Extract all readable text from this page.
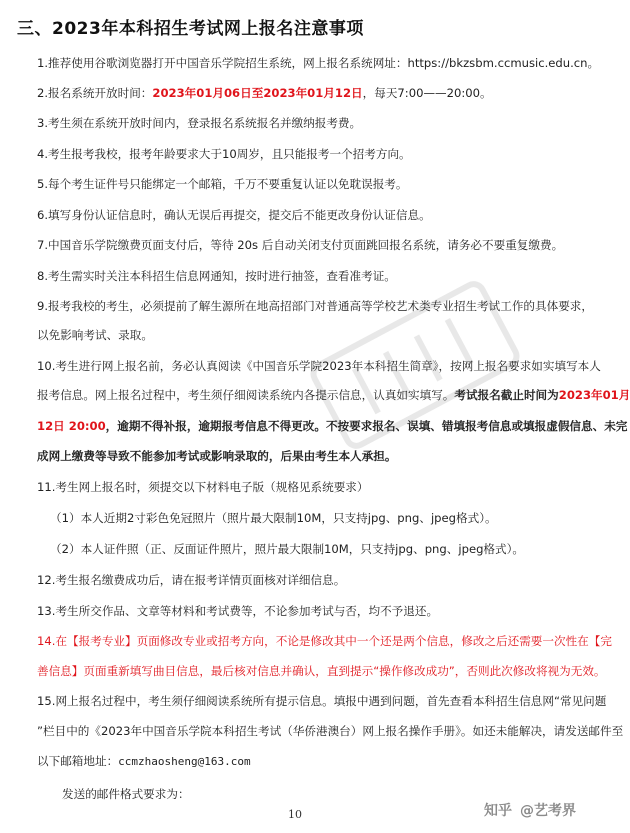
三、2023年本科招生考试网上报名注意事项
1.推荐使用谷歌浏览器打开中国音乐学院招生系统，网上报名系统网址：https://bkzsbm.ccmusic.edu.cn。
2.报名系统开放时间：2023年01月06日至2023年01月12日，每天7:00——20:00。
3.考生须在系统开放时间内，登录报名系统报名并缴纳报考费。
4.考生报考我校，报考年龄要求大于10周岁，且只能报考一个招考方向。
5.每个考生证件号只能绑定一个邮箱，千万不要重复认证以免耽误报考。
6.填写身份认证信息时，确认无误后再提交，提交后不能更改身份认证信息。
7.中国音乐学院缴费页面支付后，等待 20s 后自动关闭支付页面跳回报名系统，请务必不要重复缴费。
8.考生需实时关注本科招生信息网通知，按时进行抽签，查看准考证。
9.报考我校的考生，必须提前了解生源所在地高招部门对普通高等学校艺术类专业招生考试工作的具体要求，
以免影响考试、录取。
10.考生进行网上报名前，务必认真阅读《中国音乐学院2023年本科招生简章》，按网上报名要求如实填写本人
报考信息。网上报名过程中，考生须仔细阅读系统内各提示信息，认真如实填写。考试报名截止时间为2023年01月
12日 20:00，逾期不得补报，逾期报考信息不得更改。不按要求报名、误填、错填报考信息或填报虚假信息、未完
成网上缴费等导致不能参加考试或影响录取的，后果由考生本人承担。
11.考生网上报名时，须提交以下材料电子版（规格见系统要求）
（1）本人近期2寸彩色免冠照片（照片最大限制10M，只支持jpg、png、jpeg格式）。
（2）本人证件照（正、反面证件照片，照片最大限制10M，只支持jpg、png、jpeg格式）。
12.考生报名缴费成功后，请在报考详情页面核对详细信息。
13.考生所交作品、文章等材料和考试费等，不论参加考试与否，均不予退还。
14.在【报考专业】页面修改专业或招考方向，不论是修改其中一个还是两个信息，修改之后还需要一次性在【完
善信息】页面重新填写曲目信息，最后核对信息并确认，直到提示“操作修改成功”，否则此次修改将视为无效。
15.网上报名过程中，考生须仔细阅读系统所有提示信息。填报中遇到问题，首先查看本科招生信息网“常见问题
”栏目中的《2023年中国音乐学院本科招生考试（华侨港澳台）网上报名操作手册》。如还未能解决，请发送邮件至
以下邮箱地址：ccmzhaosheng@163.com
发送的邮件格式要求为：
10	知乎 @艺考界
